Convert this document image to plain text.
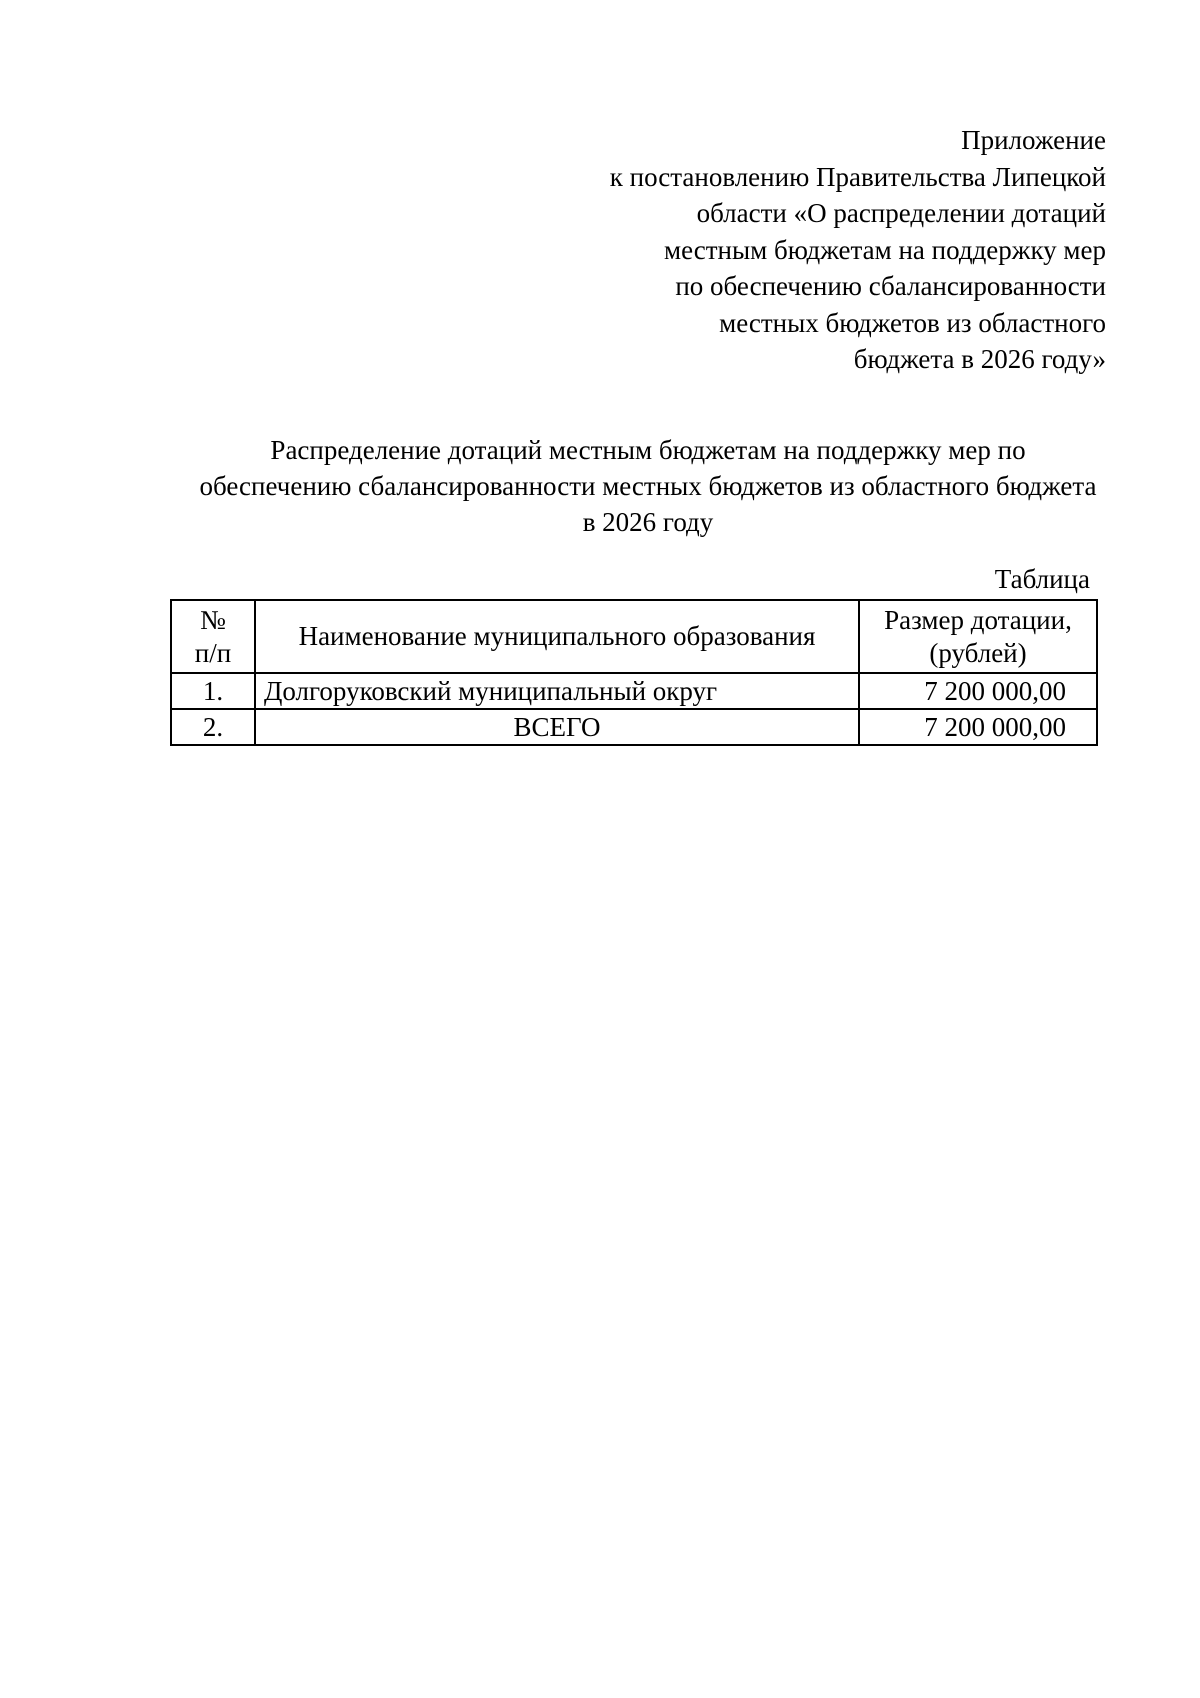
Приложение
к постановлению Правительства Липецкой
области «О распределении дотаций
местным бюджетам на поддержку мер
по обеспечению сбалансированности
местных бюджетов из областного
бюджета в 2026 году»
Распределение дотаций местным бюджетам на поддержку мер по
обеспечению сбалансированности местных бюджетов из областного бюджета
в 2026 году
Таблица
№
п/п	Наименование муниципального образования	Размер дотации,
(рублей)

1.	Долгоруковский муниципальный округ	7 200 000,00
2.	ВСЕГО	7 200 000,00
